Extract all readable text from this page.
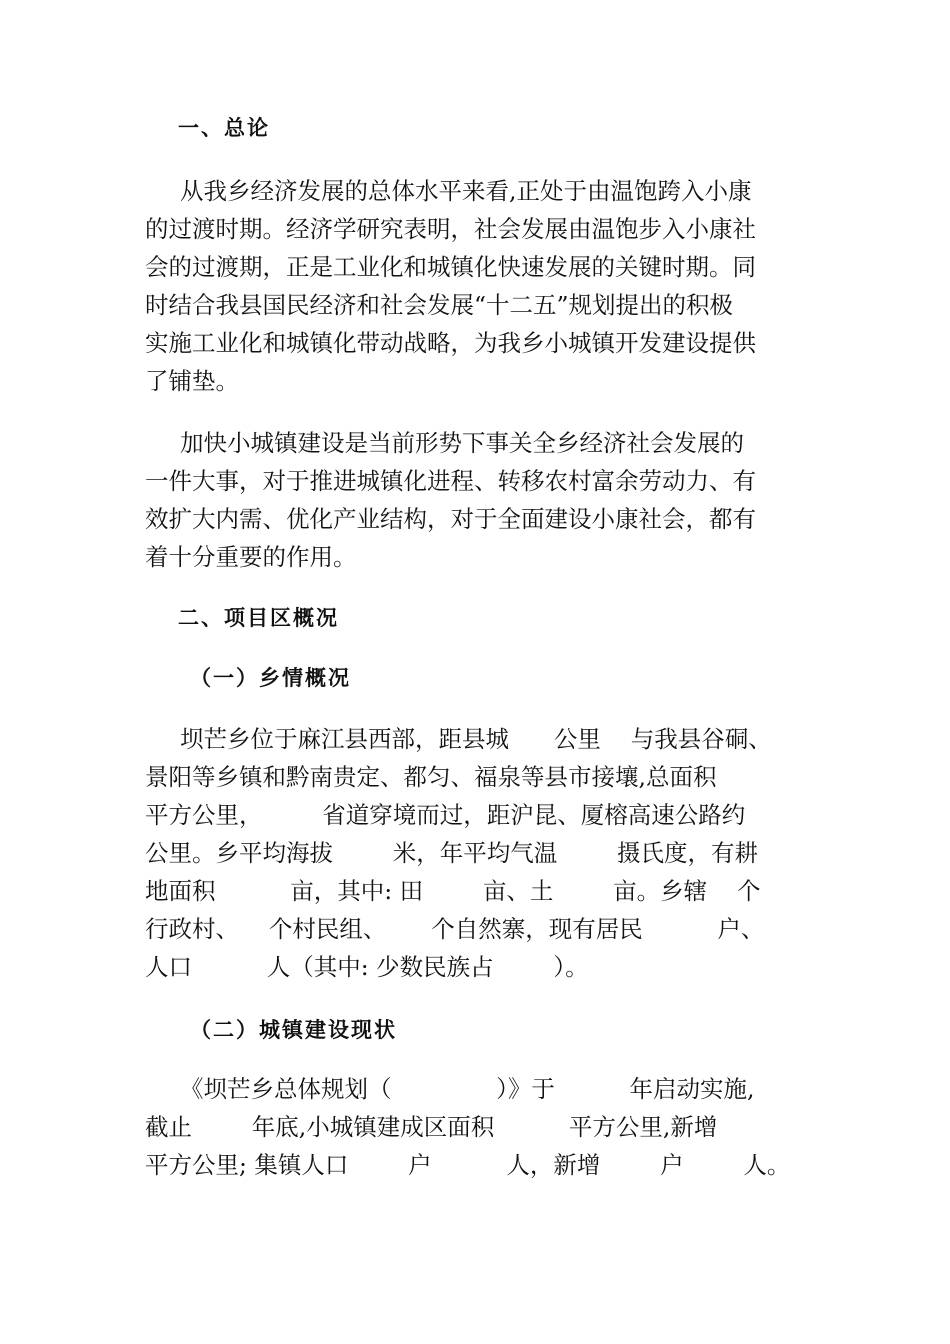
一、总论
从我乡经济发展的总体水平来看,正处于由温饱跨入小康
的过渡时期。经济学研究表明，社会发展由温饱步入小康社
会的过渡期，正是工业化和城镇化快速发展的关键时期。同
时结合我县国民经济和社会发展“十二五”规划提出的积极
实施工业化和城镇化带动战略，为我乡小城镇开发建设提供
了铺垫。
加快小城镇建设是当前形势下事关全乡经济社会发展的
一件大事，对于推进城镇化进程、转移农村富余劳动力、有
效扩大内需、优化产业结构，对于全面建设小康社会，都有
着十分重要的作用。
二、项目区概况
（一）乡情概况
坝芒乡位于麻江县西部，距县城      公里    与我县谷硐、
景阳等乡镇和黔南贵定、都匀、福泉等县市接壤,总面积
平方公里，        省道穿境而过，距沪昆、厦榕高速公路约
公里。乡平均海拔        米，年平均气温        摄氏度，有耕
地面积          亩，其中: 田        亩、土        亩。乡辖    个
行政村、    个村民组、      个自然寨，现有居民          户、
人口          人（其中: 少数民族占        ）。
（二）城镇建设现状
《坝芒乡总体规划（              ）》于          年启动实施,
截止        年底,小城镇建成区面积          平方公里,新增
平方公里; 集镇人口        户          人，新增        户        人。
